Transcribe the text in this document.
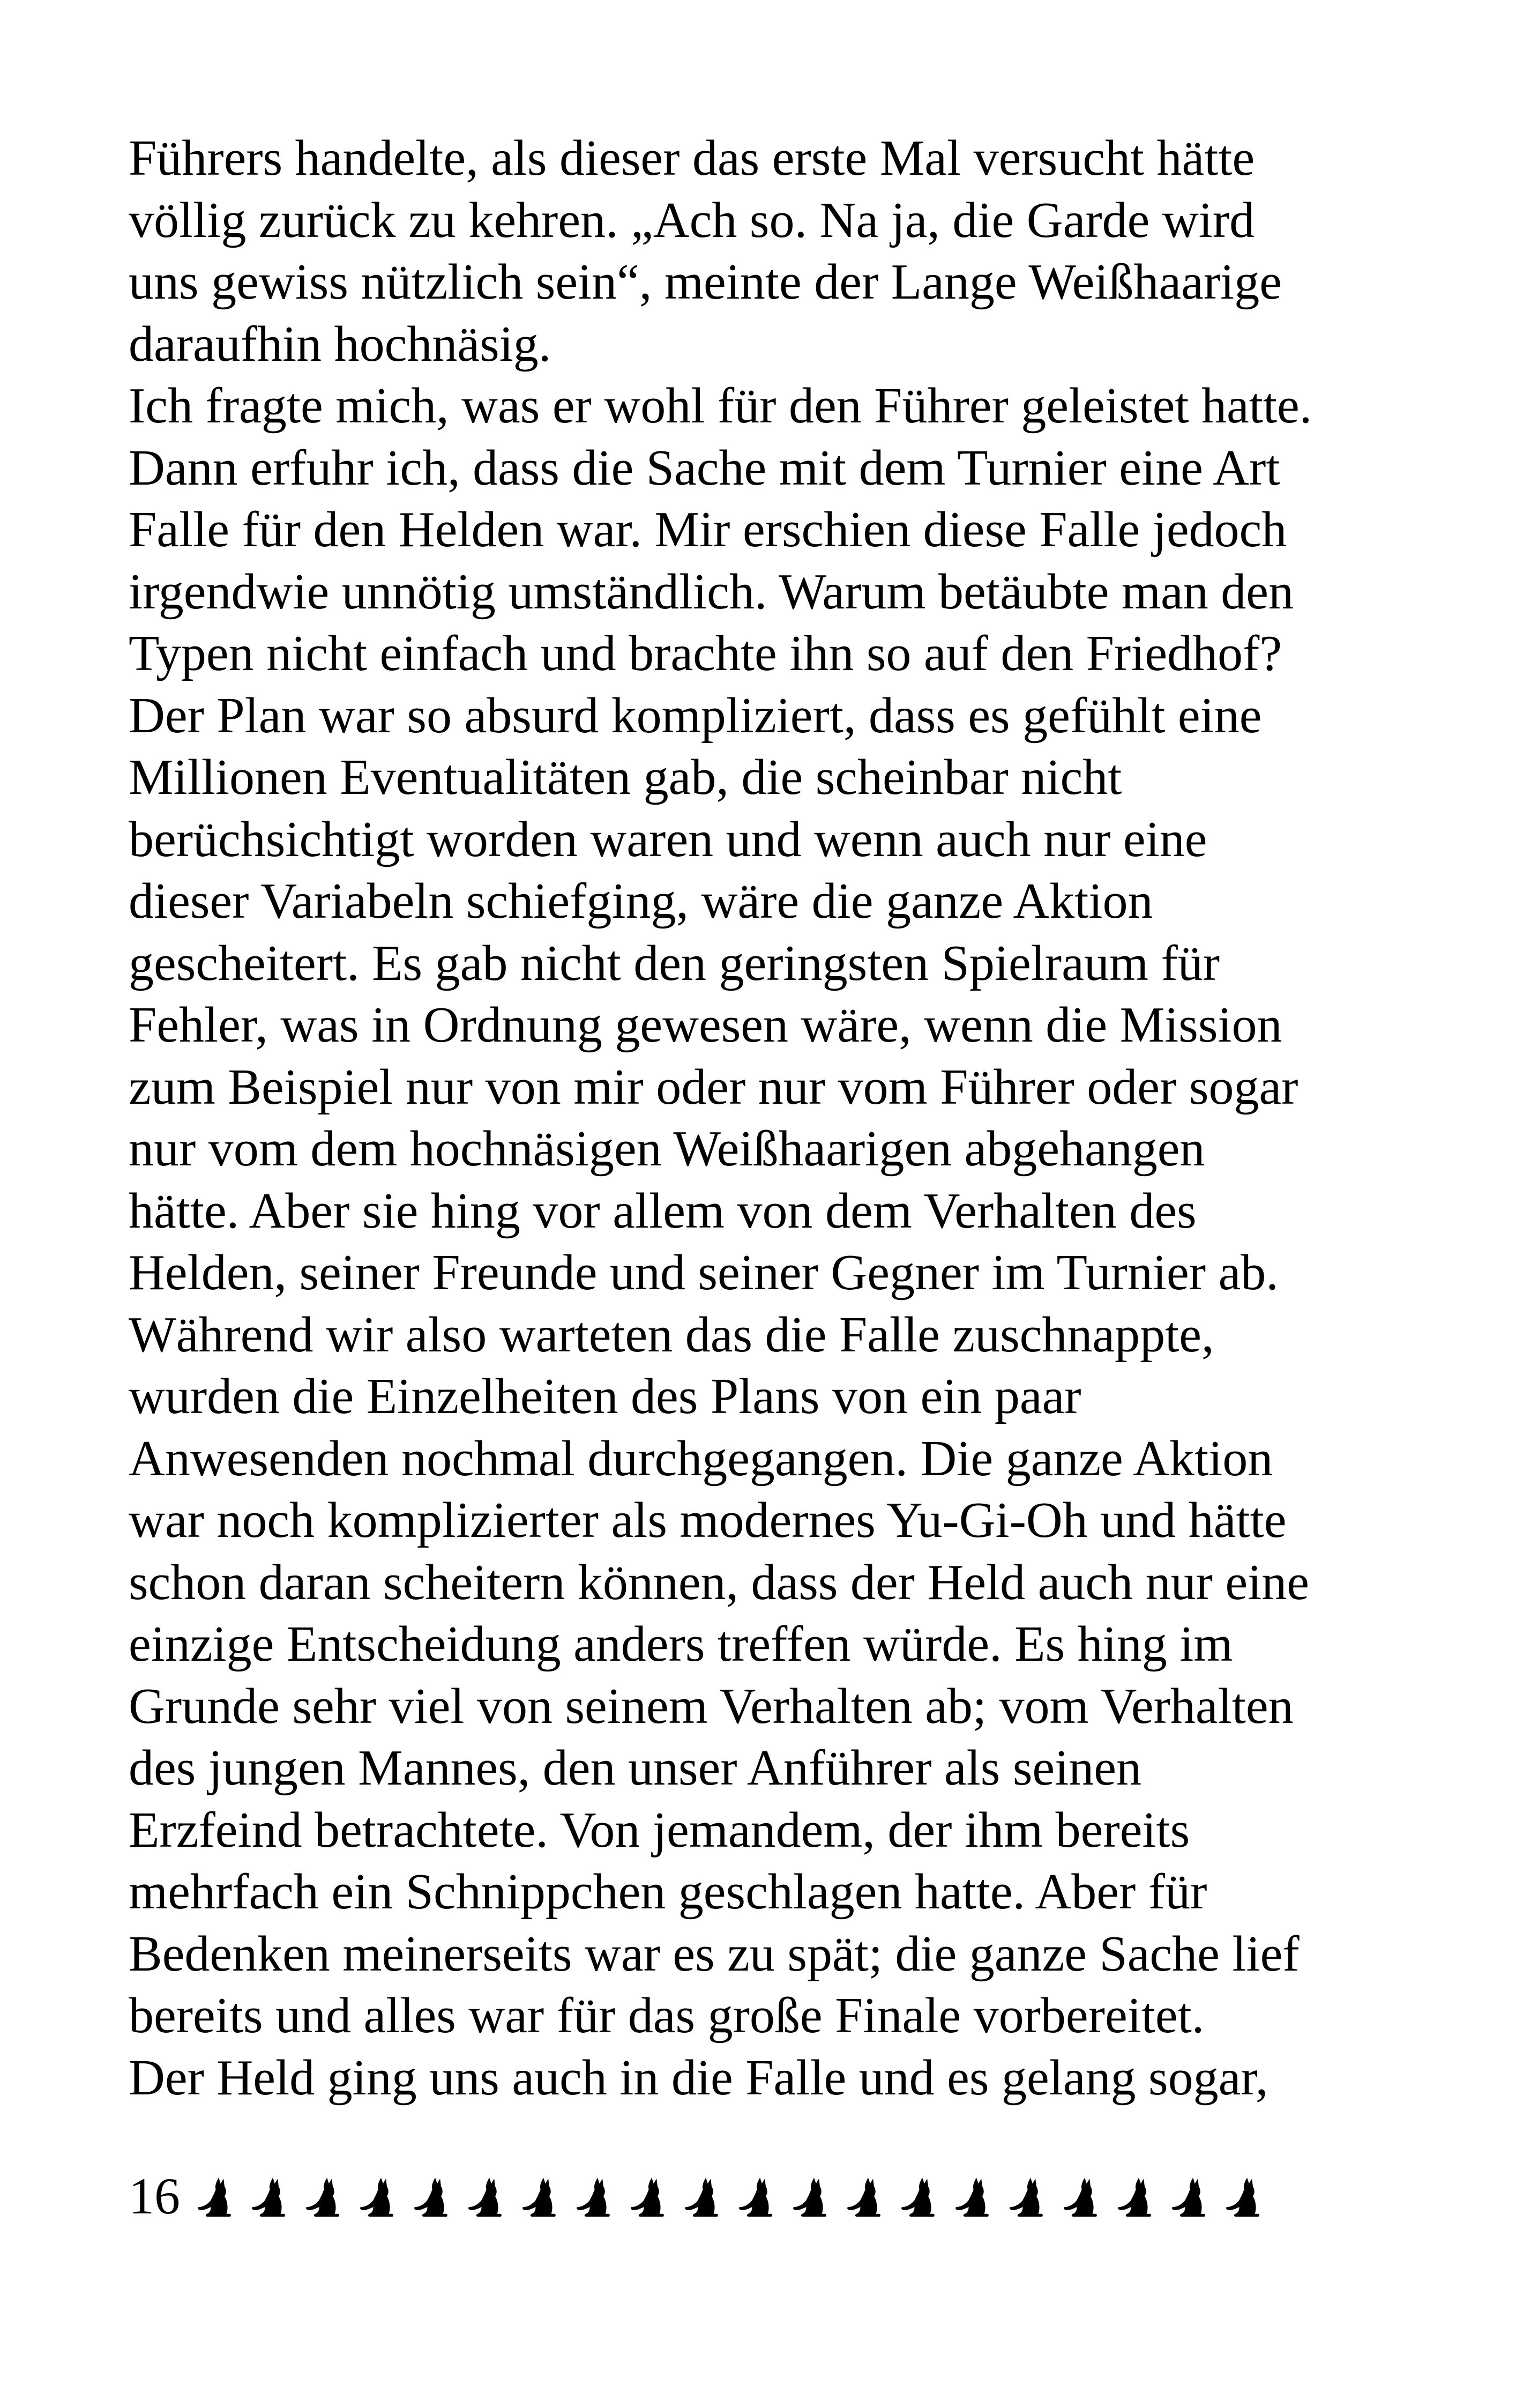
Führers handelte, als dieser das erste Mal versucht hätte
völlig zurück zu kehren. „Ach so. Na ja, die Garde wird
uns gewiss nützlich sein“, meinte der Lange Weißhaarige
daraufhin hochnäsig.
Ich fragte mich, was er wohl für den Führer geleistet hatte.
Dann erfuhr ich, dass die Sache mit dem Turnier eine Art
Falle für den Helden war. Mir erschien diese Falle jedoch
irgendwie unnötig umständlich. Warum betäubte man den
Typen nicht einfach und brachte ihn so auf den Friedhof?
Der Plan war so absurd kompliziert, dass es gefühlt eine
Millionen Eventualitäten gab, die scheinbar nicht
berüchsichtigt worden waren und wenn auch nur eine
dieser Variabeln schiefging, wäre die ganze Aktion
gescheitert. Es gab nicht den geringsten Spielraum für
Fehler, was in Ordnung gewesen wäre, wenn die Mission
zum Beispiel nur von mir oder nur vom Führer oder sogar
nur vom dem hochnäsigen Weißhaarigen abgehangen
hätte. Aber sie hing vor allem von dem Verhalten des
Helden, seiner Freunde und seiner Gegner im Turnier ab.
Während wir also warteten das die Falle zuschnappte,
wurden die Einzelheiten des Plans von ein paar
Anwesenden nochmal durchgegangen. Die ganze Aktion
war noch komplizierter als modernes Yu-Gi-Oh und hätte
schon daran scheitern können, dass der Held auch nur eine
einzige Entscheidung anders treffen würde. Es hing im
Grunde sehr viel von seinem Verhalten ab; vom Verhalten
des jungen Mannes, den unser Anführer als seinen
Erzfeind betrachtete. Von jemandem, der ihm bereits
mehrfach ein Schnippchen geschlagen hatte. Aber für
Bedenken meinerseits war es zu spät; die ganze Sache lief
bereits und alles war für das große Finale vorbereitet.
Der Held ging uns auch in die Falle und es gelang sogar,
16
